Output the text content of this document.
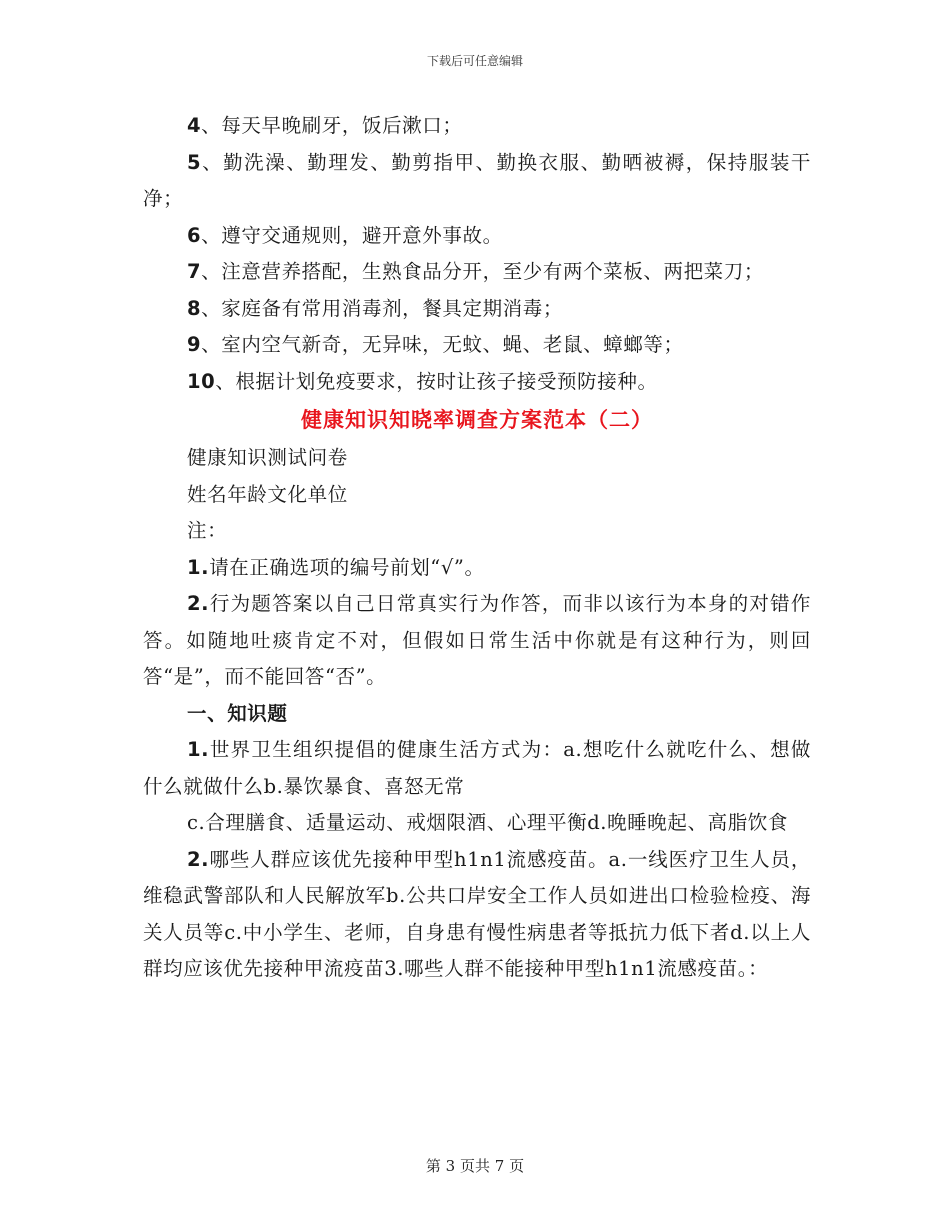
下载后可任意编辑

4、每天早晚刷牙，饭后漱口；

5、勤洗澡、勤理发、勤剪指甲、勤换衣服、勤晒被褥，保持服装干净；

6、遵守交通规则，避开意外事故。

7、注意营养搭配，生熟食品分开，至少有两个菜板、两把菜刀；

8、家庭备有常用消毒剂，餐具定期消毒；

9、室内空气新奇，无异味，无蚊、蝇、老鼠、蟑螂等；

10、根据计划免疫要求，按时让孩子接受预防接种。

健康知识知晓率调查方案范本（二）

健康知识测试问卷

姓名年龄文化单位

注：

1.请在正确选项的编号前划“√”。

2.行为题答案以自己日常真实行为作答，而非以该行为本身的对错作答。如随地吐痰肯定不对，但假如日常生活中你就是有这种行为，则回答“是”，而不能回答“否”。

一、知识题

1.世界卫生组织提倡的健康生活方式为：a.想吃什么就吃什么、想做什么就做什么b.暴饮暴食、喜怒无常

c.合理膳食、适量运动、戒烟限酒、心理平衡d.晚睡晚起、高脂饮食

2.哪些人群应该优先接种甲型h1n1流感疫苗。a.一线医疗卫生人员，维稳武警部队和人民解放军b.公共口岸安全工作人员如进出口检验检疫、海关人员等c.中小学生、老师，自身患有慢性病患者等抵抗力低下者d.以上人群均应该优先接种甲流疫苗3.哪些人群不能接种甲型h1n1流感疫苗。：

第 3 页共 7 页
